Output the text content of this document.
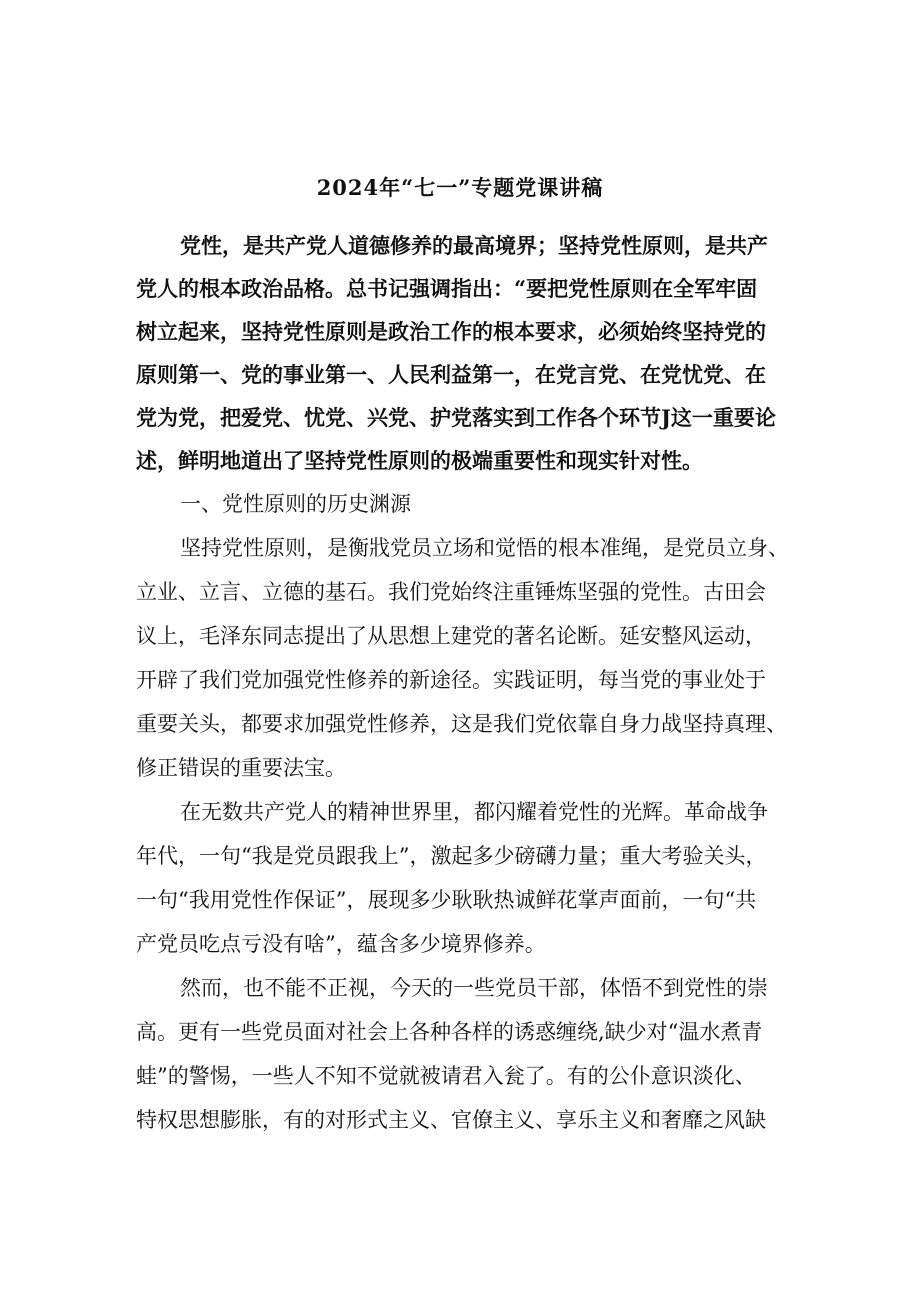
2024年“七一”专题党课讲稿

党性，是共产党人道德修养的最高境界；坚持党性原则，是共产

党人的根本政治品格。总书记强调指出：“要把党性原则在全军牢固

树立起来，坚持党性原则是政治工作的根本要求，必须始终坚持党的

原则第一、党的事业第一、人民利益第一，在党言党、在党忧党、在

党为党，把爱党、忧党、兴党、护党落实到工作各个环节J这一重要论

述，鲜明地道出了坚持党性原则的极端重要性和现实针对性。

一、党性原则的历史渊源

坚持党性原则，是衡戕党员立场和觉悟的根本准绳，是党员立身、

立业、立言、立德的基石。我们党始终注重锤炼坚强的党性。古田会

议上，毛泽东同志提出了从思想上建党的著名论断。延安整风运动，

开辟了我们党加强党性修养的新途径。实践证明，每当党的事业处于

重要关头，都要求加强党性修养，这是我们党依靠自身力战坚持真理、

修正错误的重要法宝。

在无数共产党人的精神世界里，都闪耀着党性的光辉。革命战争

年代，一句“我是党员跟我上”，激起多少磅礴力量；重大考验关头，

一句“我用党性作保证”，展现多少耿耿热诚鲜花掌声面前，一句“共

产党员吃点亏没有啥”，蕴含多少境界修养。

然而，也不能不正视，今天的一些党员干部，体悟不到党性的崇

高。更有一些党员面对社会上各种各样的诱惑缠绕,缺少对“温水煮青

蛙”的警惕，一些人不知不觉就被请君入瓮了。有的公仆意识淡化、

特权思想膨胀，有的对形式主义、官僚主义、享乐主义和奢靡之风缺
